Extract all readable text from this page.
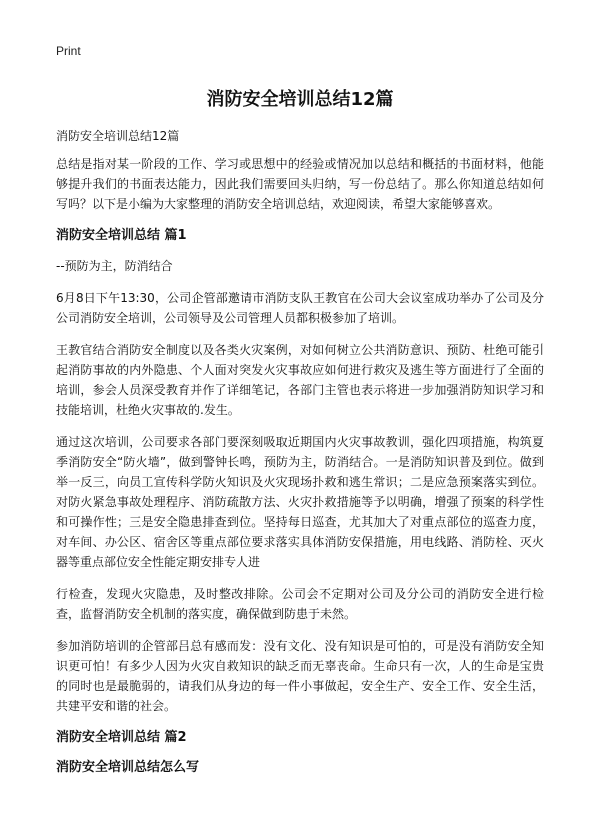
Print
消防安全培训总结12篇
消防安全培训总结12篇

总结是指对某一阶段的工作、学习或思想中的经验或情况加以总结和概括的书面材料，他能够提升我们的书面表达能力，因此我们需要回头归纳，写一份总结了。那么你知道总结如何写吗？以下是小编为大家整理的消防安全培训总结，欢迎阅读，希望大家能够喜欢。

消防安全培训总结 篇1

--预防为主，防消结合

6月8日下午13:30，公司企管部邀请市消防支队王教官在公司大会议室成功举办了公司及分公司消防安全培训，公司领导及公司管理人员都积极参加了培训。

王教官结合消防安全制度以及各类火灾案例，对如何树立公共消防意识、预防、杜绝可能引起消防事故的内外隐患、个人面对突发火灾事故应如何进行救灾及逃生等方面进行了全面的培训，参会人员深受教育并作了详细笔记，各部门主管也表示将进一步加强消防知识学习和技能培训，杜绝火灾事故的.发生。

通过这次培训，公司要求各部门要深刻吸取近期国内火灾事故教训，强化四项措施，构筑夏季消防安全“防火墙”，做到警钟长鸣，预防为主，防消结合。一是消防知识普及到位。做到举一反三，向员工宣传科学防火知识及火灾现场扑救和逃生常识；二是应急预案落实到位。对防火紧急事故处理程序、消防疏散方法、火灾扑救措施等予以明确，增强了预案的科学性和可操作性；三是安全隐患排查到位。坚持每日巡查，尤其加大了对重点部位的巡查力度，对车间、办公区、宿舍区等重点部位要求落实具体消防安保措施，用电线路、消防栓、灭火器等重点部位安全性能定期安排专人进

行检查，发现火灾隐患，及时整改排除。公司会不定期对公司及分公司的消防安全进行检查，监督消防安全机制的落实度，确保做到防患于未然。

参加消防培训的企管部吕总有感而发：没有文化、没有知识是可怕的，可是没有消防安全知识更可怕！有多少人因为火灾自救知识的缺乏而无辜丧命。生命只有一次，人的生命是宝贵的同时也是最脆弱的，请我们从身边的每一件小事做起，安全生产、安全工作、安全生活，共建平安和谐的社会。

消防安全培训总结 篇2
消防安全培训总结怎么写
